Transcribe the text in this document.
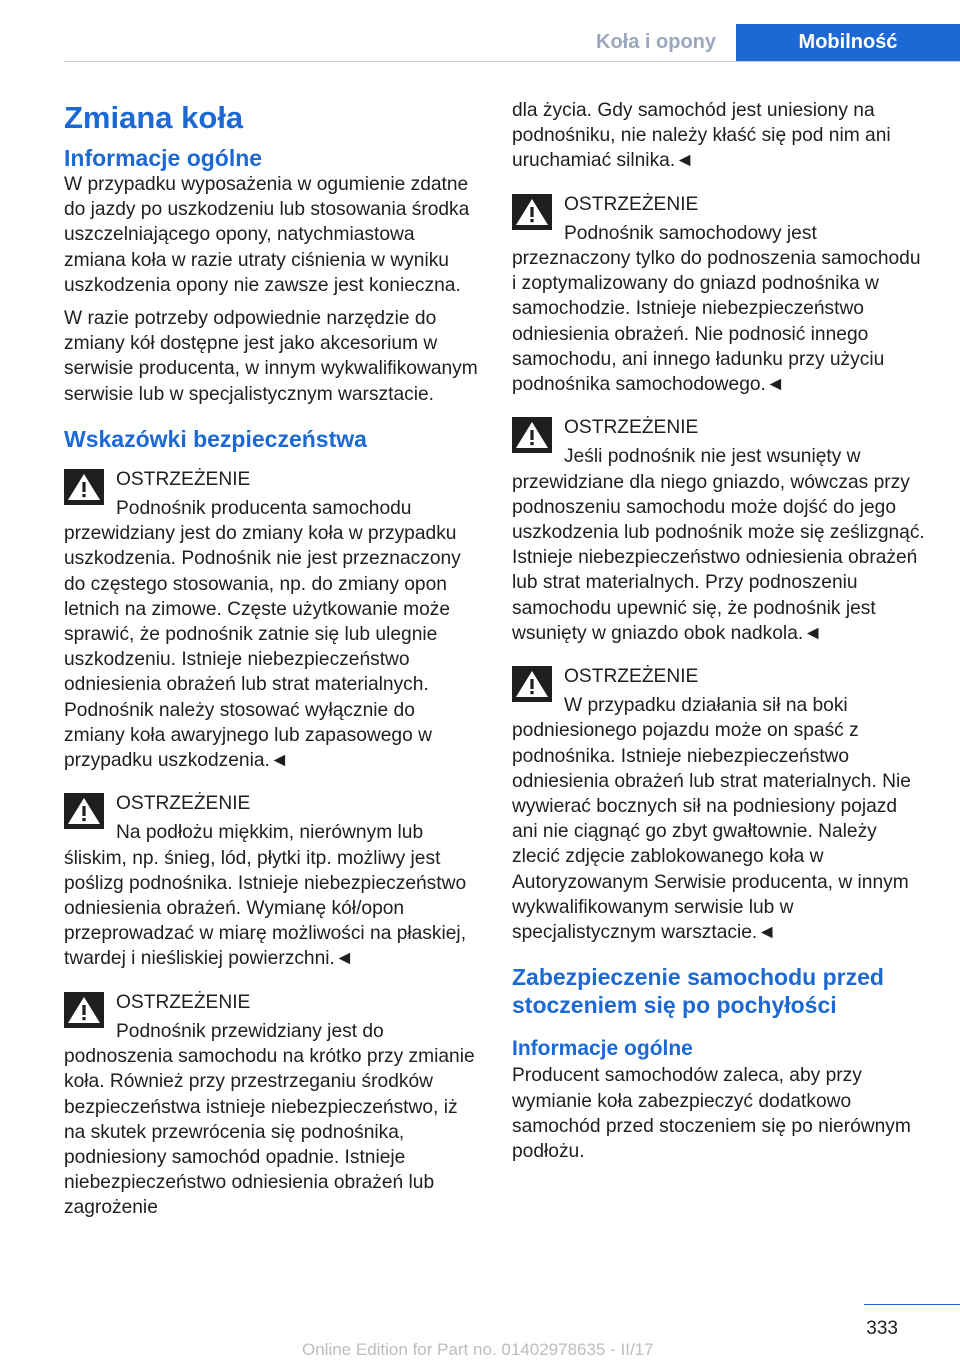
Koła i opony	Mobilność
Zmiana koła
Informacje ogólne

W przypadku wyposażenia w ogumienie zdatne do jazdy po uszkodzeniu lub stosowania środka uszczelniającego opony, natychmiastowa zmiana koła w razie utraty ciśnienia w wyniku uszkodzenia opony nie zawsze jest konieczna.

W razie potrzeby odpowiednie narzędzie do zmiany kół dostępne jest jako akcesorium w serwisie producenta, w innym wykwalifikowanym serwisie lub w specjalistycznym warsztacie.

Wskazówki bezpieczeństwa
OSTRZEŻENIE
Podnośnik producenta samochodu przewidziany jest do zmiany koła w przypadku uszkodzenia. Podnośnik nie jest przeznaczony do częstego stosowania, np. do zmiany opon letnich na zimowe. Częste użytkowanie może sprawić, że podnośnik zatnie się lub ulegnie uszkodzeniu. Istnieje niebezpieczeństwo odniesienia obrażeń lub strat materialnych. Podnośnik należy stosować wyłącznie do zmiany koła awaryjnego lub zapasowego w przypadku uszkodzenia.◄
OSTRZEŻENIE
Na podłożu miękkim, nierównym lub śliskim, np. śnieg, lód, płytki itp. możliwy jest poślizg podnośnika. Istnieje niebezpieczeństwo odniesienia obrażeń. Wymianę kół/opon przeprowadzać w miarę możliwości na płaskiej, twardej i nieśliskiej powierzchni.◄
OSTRZEŻENIE
Podnośnik przewidziany jest do podnoszenia samochodu na krótko przy zmianie koła. Również przy przestrzeganiu środków bezpieczeństwa istnieje niebezpieczeństwo, iż na skutek przewrócenia się podnośnika, podniesiony samochód opadnie. Istnieje niebezpieczeństwo odniesienia obrażeń lub zagrożenie

dla życia. Gdy samochód jest uniesiony na podnośniku, nie należy kłaść się pod nim ani uruchamiać silnika.◄

OSTRZEŻENIE
Podnośnik samochodowy jest przeznaczony tylko do podnoszenia samochodu i zoptymalizowany do gniazd podnośnika w samochodzie. Istnieje niebezpieczeństwo odniesienia obrażeń. Nie podnosić innego samochodu, ani innego ładunku przy użyciu podnośnika samochodowego.◄
OSTRZEŻENIE
Jeśli podnośnik nie jest wsunięty w przewidziane dla niego gniazdo, wówczas przy podnoszeniu samochodu może dojść do jego uszkodzenia lub podnośnik może się ześlizgnąć. Istnieje niebezpieczeństwo odniesienia obrażeń lub strat materialnych. Przy podnoszeniu samochodu upewnić się, że podnośnik jest wsunięty w gniazdo obok nadkola.◄
OSTRZEŻENIE
W przypadku działania sił na boki podniesionego pojazdu może on spaść z podnośnika. Istnieje niebezpieczeństwo odniesienia obrażeń lub strat materialnych. Nie wywierać bocznych sił na podniesiony pojazd ani nie ciągnąć go zbyt gwałtownie. Należy zlecić zdjęcie zablokowanego koła w Autoryzowanym Serwisie producenta, w innym wykwalifikowanym serwisie lub w specjalistycznym warsztacie.◄
Zabezpieczenie samochodu przed stoczeniem się po pochyłości
Informacje ogólne

Producent samochodów zaleca, aby przy wymianie koła zabezpieczyć dodatkowo samochód przed stoczeniem się po nierównym podłożu.

333
Online Edition for Part no. 01402978635 - II/17
